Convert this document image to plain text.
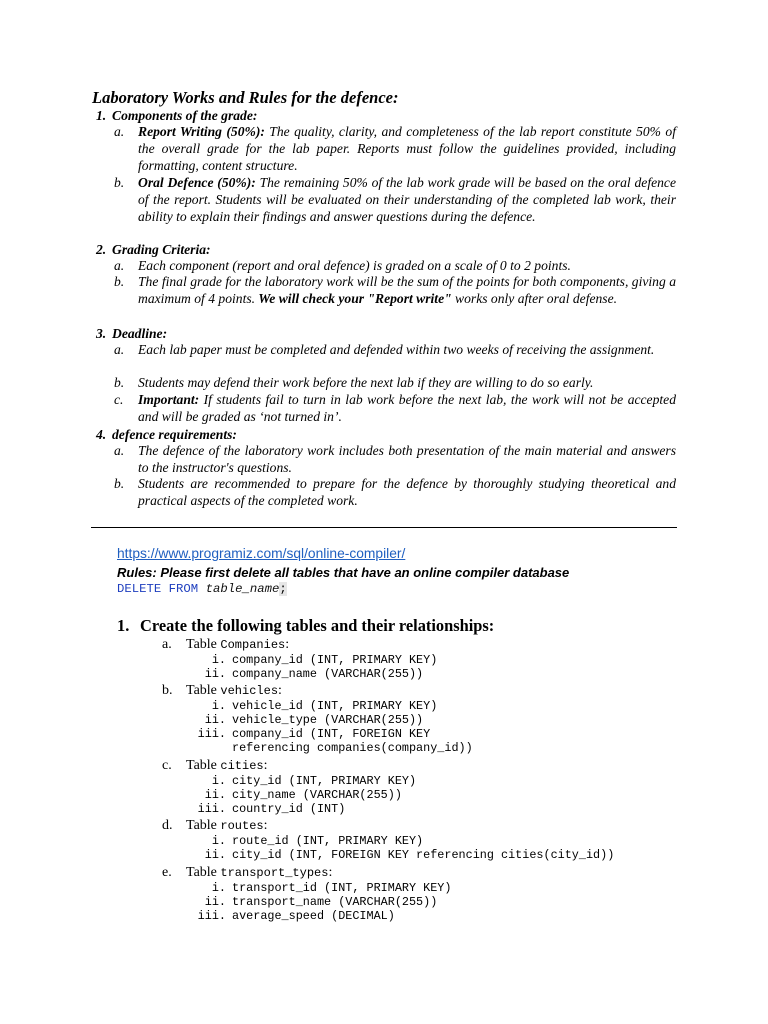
Laboratory Works and Rules for the defence:
1. Components of the grade:
a. Report Writing (50%): The quality, clarity, and completeness of the lab report constitute 50% of the overall grade for the lab paper. Reports must follow the guidelines provided, including formatting, content structure.
b. Oral Defence (50%): The remaining 50% of the lab work grade will be based on the oral defence of the report. Students will be evaluated on their understanding of the completed lab work, their ability to explain their findings and answer questions during the defence.
2. Grading Criteria:
a. Each component (report and oral defence) is graded on a scale of 0 to 2 points.
b. The final grade for the laboratory work will be the sum of the points for both components, giving a maximum of 4 points. We will check your "Report write" works only after oral defense.
3. Deadline:
a. Each lab paper must be completed and defended within two weeks of receiving the assignment.
b. Students may defend their work before the next lab if they are willing to do so early.
c. Important: If students fail to turn in lab work before the next lab, the work will not be accepted and will be graded as ‘not turned in’.
4. defence requirements:
a. The defence of the laboratory work includes both presentation of the main material and answers to the instructor's questions.
b. Students are recommended to prepare for the defence by thoroughly studying theoretical and practical aspects of the completed work.
https://www.programiz.com/sql/online-compiler/
Rules: Please first delete all tables that have an online compiler database
DELETE FROM table_name;
1. Create the following tables and their relationships:
a. Table Companies:
i. company_id (INT, PRIMARY KEY)
ii. company_name (VARCHAR(255))
b. Table vehicles:
i. vehicle_id (INT, PRIMARY KEY)
ii. vehicle_type (VARCHAR(255))
iii. company_id (INT, FOREIGN KEY
referencing companies(company_id))
c. Table cities:
i. city_id (INT, PRIMARY KEY)
ii. city_name (VARCHAR(255))
iii. country_id (INT)
d. Table routes:
i. route_id (INT, PRIMARY KEY)
ii. city_id (INT, FOREIGN KEY referencing cities(city_id))
e. Table transport_types:
i. transport_id (INT, PRIMARY KEY)
ii. transport_name (VARCHAR(255))
iii. average_speed (DECIMAL)
